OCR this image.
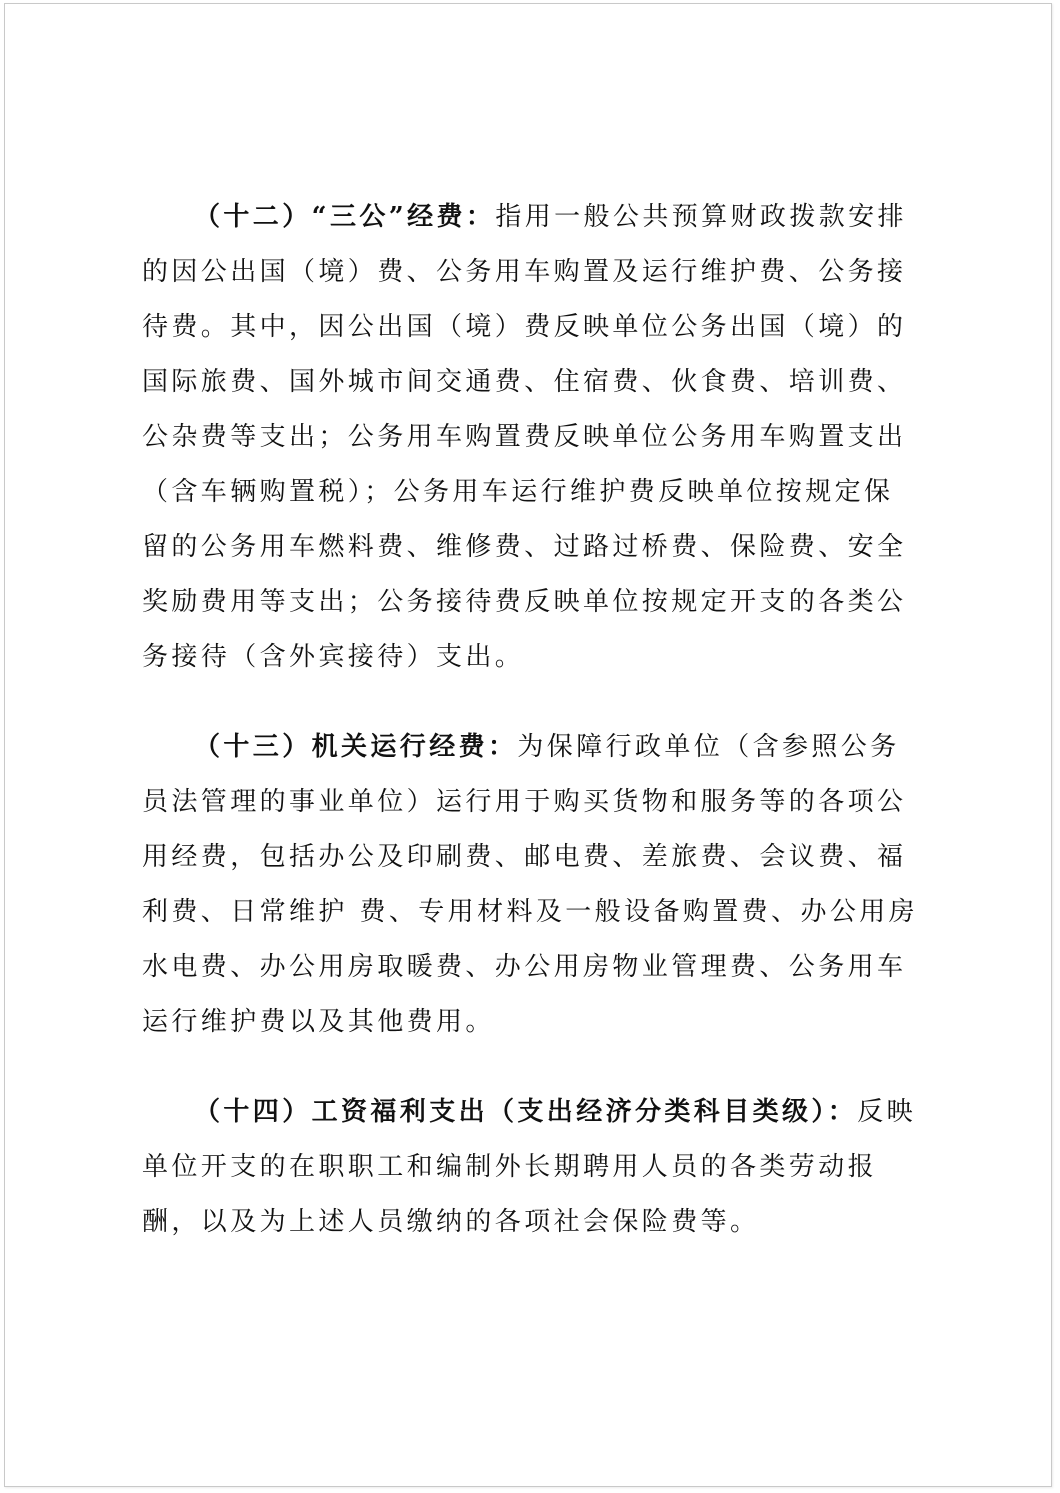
（十二）“三公”经费：指用一般公共预算财政拨款安排的因公出国（境）费、公务用车购置及运行维护费、公务接待费。其中，因公出国（境）费反映单位公务出国（境）的国际旅费、国外城市间交通费、住宿费、伙食费、培训费、公杂费等支出；公务用车购置费反映单位公务用车购置支出（含车辆购置税）；公务用车运行维护费反映单位按规定保留的公务用车燃料费、维修费、过路过桥费、保险费、安全奖励费用等支出；公务接待费反映单位按规定开支的各类公务接待（含外宾接待）支出。

（十三）机关运行经费：为保障行政单位（含参照公务员法管理的事业单位）运行用于购买货物和服务等的各项公用经费，包括办公及印刷费、邮电费、差旅费、会议费、福利费、日常维护 费、专用材料及一般设备购置费、办公用房水电费、办公用房取暖费、办公用房物业管理费、公务用车运行维护费以及其他费用。

（十四）工资福利支出（支出经济分类科目类级）：反映单位开支的在职职工和编制外长期聘用人员的各类劳动报酬，以及为上述人员缴纳的各项社会保险费等。
